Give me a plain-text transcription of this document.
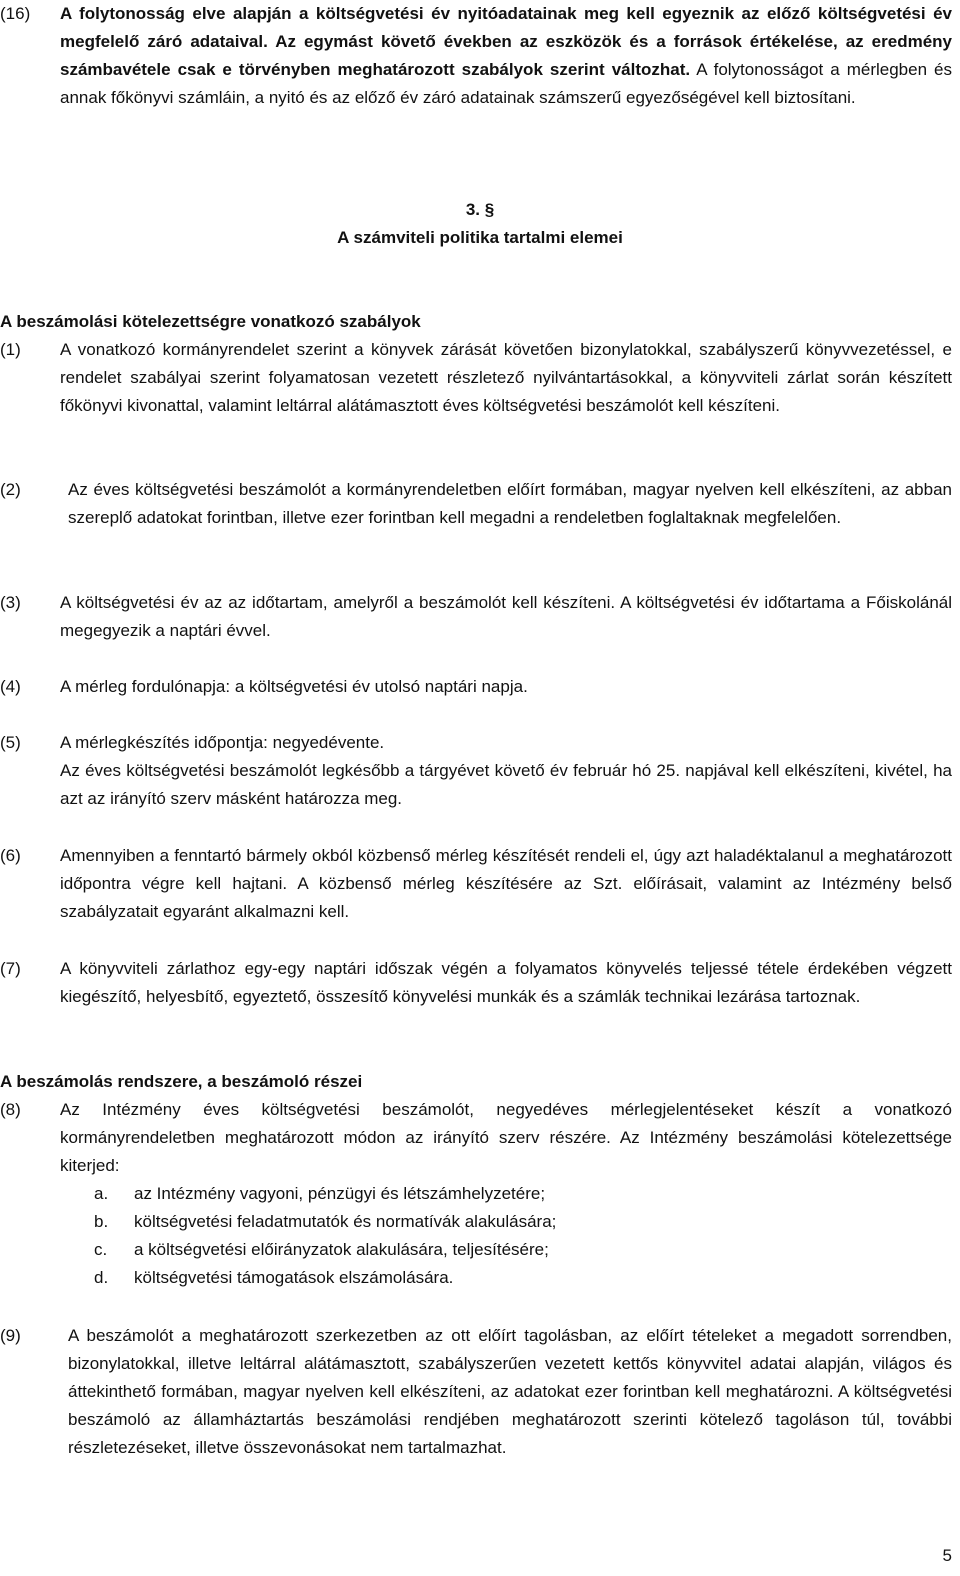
(16)	A folytonosság elve alapján a költségvetési év nyitóadatainak meg kell egyeznik az előző költségvetési év megfelelő záró adataival. Az egymást követő években az eszközök és a források értékelése, az eredmény számbavétele csak e törvényben meghatározott szabályok szerint változhat. A folytonosságot a mérlegben és annak főkönyvi számláin, a nyitó és az előző év záró adatainak számszerű egyezőségével kell biztosítani.
3. §
A számviteli politika tartalmi elemei
A beszámolási kötelezettségre vonatkozó szabályok
(1)	A vonatkozó kormányrendelet szerint a könyvek zárását követően bizonylatokkal, szabályszerű könyvvezetéssel, e rendelet szabályai szerint folyamatosan vezetett részletező nyilvántartásokkal, a könyvviteli zárlat során készített főkönyvi kivonattal, valamint leltárral alátámasztott éves költségvetési beszámolót kell készíteni.
(2)	Az éves költségvetési beszámolót a kormányrendeletben előírt formában, magyar nyelven kell elkészíteni, az abban szereplő adatokat forintban, illetve ezer forintban kell megadni a rendeletben foglaltaknak megfelelően.
(3)	A költségvetési év az az időtartam, amelyről a beszámolót kell készíteni. A költségvetési év időtartama a Főiskolánál megegyezik a naptári évvel.
(4)	A mérleg fordulónapja: a költségvetési év utolsó naptári napja.
(5)	A mérlegkészítés időpontja: negyedévente.
Az éves költségvetési beszámolót legkésőbb a tárgyévet követő év február hó 25. napjával kell elkészíteni, kivétel, ha azt az irányító szerv másként határozza meg.
(6)	Amennyiben a fenntartó bármely okból közbenső mérleg készítését rendeli el, úgy azt haladéktalanul a meghatározott időpontra végre kell hajtani. A közbenső mérleg készítésére az Szt. előírásait, valamint az Intézmény belső szabályzatait egyaránt alkalmazni kell.
(7)	A könyvviteli zárlathoz egy-egy naptári időszak végén a folyamatos könyvelés teljessé tétele érdekében végzett kiegészítő, helyesbítő, egyeztető, összesítő könyvelési munkák és a számlák technikai lezárása tartoznak.
A beszámolás rendszere, a beszámoló részei
(8)	Az Intézmény éves költségvetési beszámolót, negyedéves mérlegjelentéseket készít a vonatkozó kormányrendeletben meghatározott módon az irányító szerv részére. Az Intézmény beszámolási kötelezettsége kiterjed:
a.	az Intézmény vagyoni, pénzügyi és létszámhelyzetére;
b.	költségvetési feladatmutatók és normatívák alakulására;
c.	a költségvetési előirányzatok alakulására, teljesítésére;
d.	költségvetési támogatások elszámolására.
(9)	A beszámolót a meghatározott szerkezetben az ott előírt tagolásban, az előírt tételeket a megadott sorrendben, bizonylatokkal, illetve leltárral alátámasztott, szabályszerűen vezetett kettős könyvvitel adatai alapján, világos és áttekinthető formában, magyar nyelven kell elkészíteni, az adatokat ezer forintban kell meghatározni. A költségvetési beszámoló az államháztartás beszámolási rendjében meghatározott szerinti kötelező tagoláson túl, további részletezéseket, illetve összevonásokat nem tartalmazhat.
5
